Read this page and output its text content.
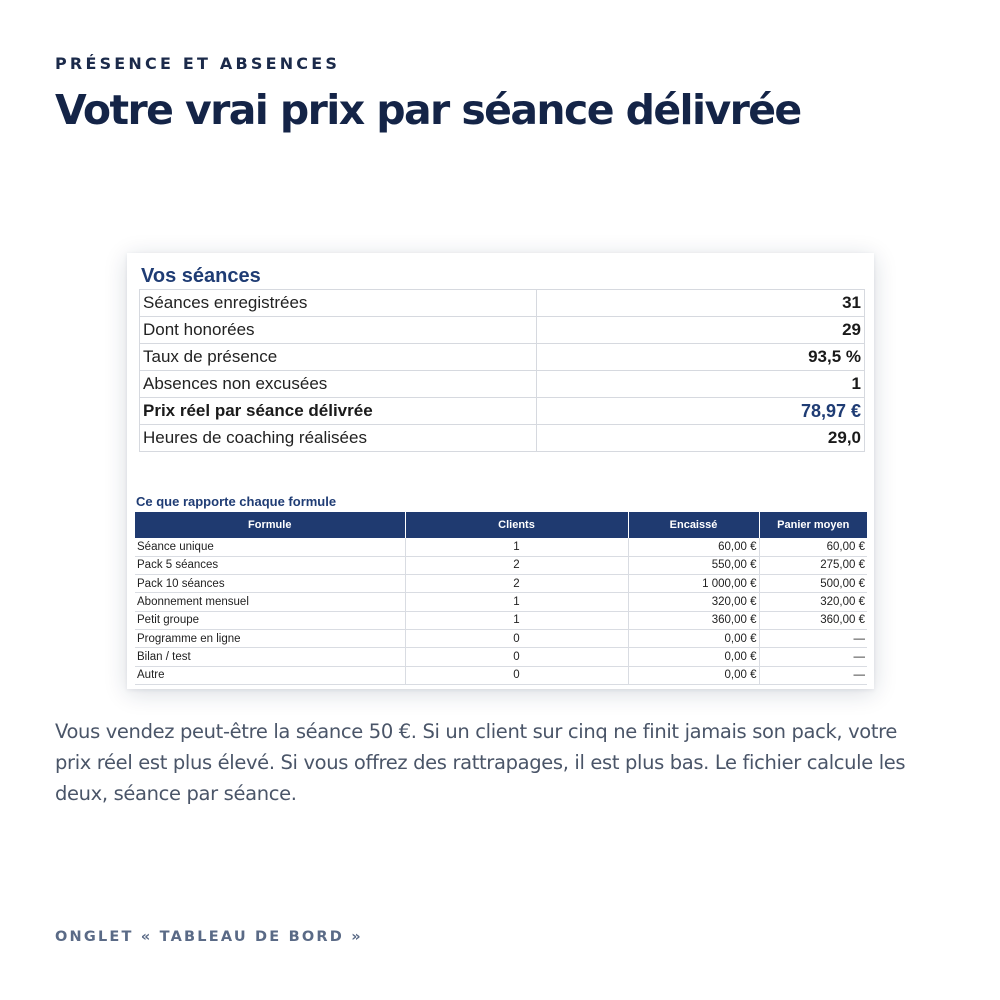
PRÉSENCE ET ABSENCES
Votre vrai prix par séance délivrée
Vos séances
Séances enregistrées	31
Dont honorées	29
Taux de présence	93,5 %
Absences non excusées	1
Prix réel par séance délivrée	78,97 €
Heures de coaching réalisées	29,0
Ce que rapporte chaque formule
Formule	Clients	Encaissé	Panier moyen
Séance unique	1	60,00 €	60,00 €
Pack 5 séances	2	550,00 €	275,00 €
Pack 10 séances	2	1 000,00 €	500,00 €
Abonnement mensuel	1	320,00 €	320,00 €
Petit groupe	1	360,00 €	360,00 €
Programme en ligne	0	0,00 €	—
Bilan / test	0	0,00 €	—
Autre	0	0,00 €	—

Vous vendez peut-être la séance 50 €. Si un client sur cinq ne finit jamais son pack, votre prix réel est plus élevé. Si vous offrez des rattrapages, il est plus bas. Le fichier calcule les deux, séance par séance.

ONGLET « TABLEAU DE BORD »
